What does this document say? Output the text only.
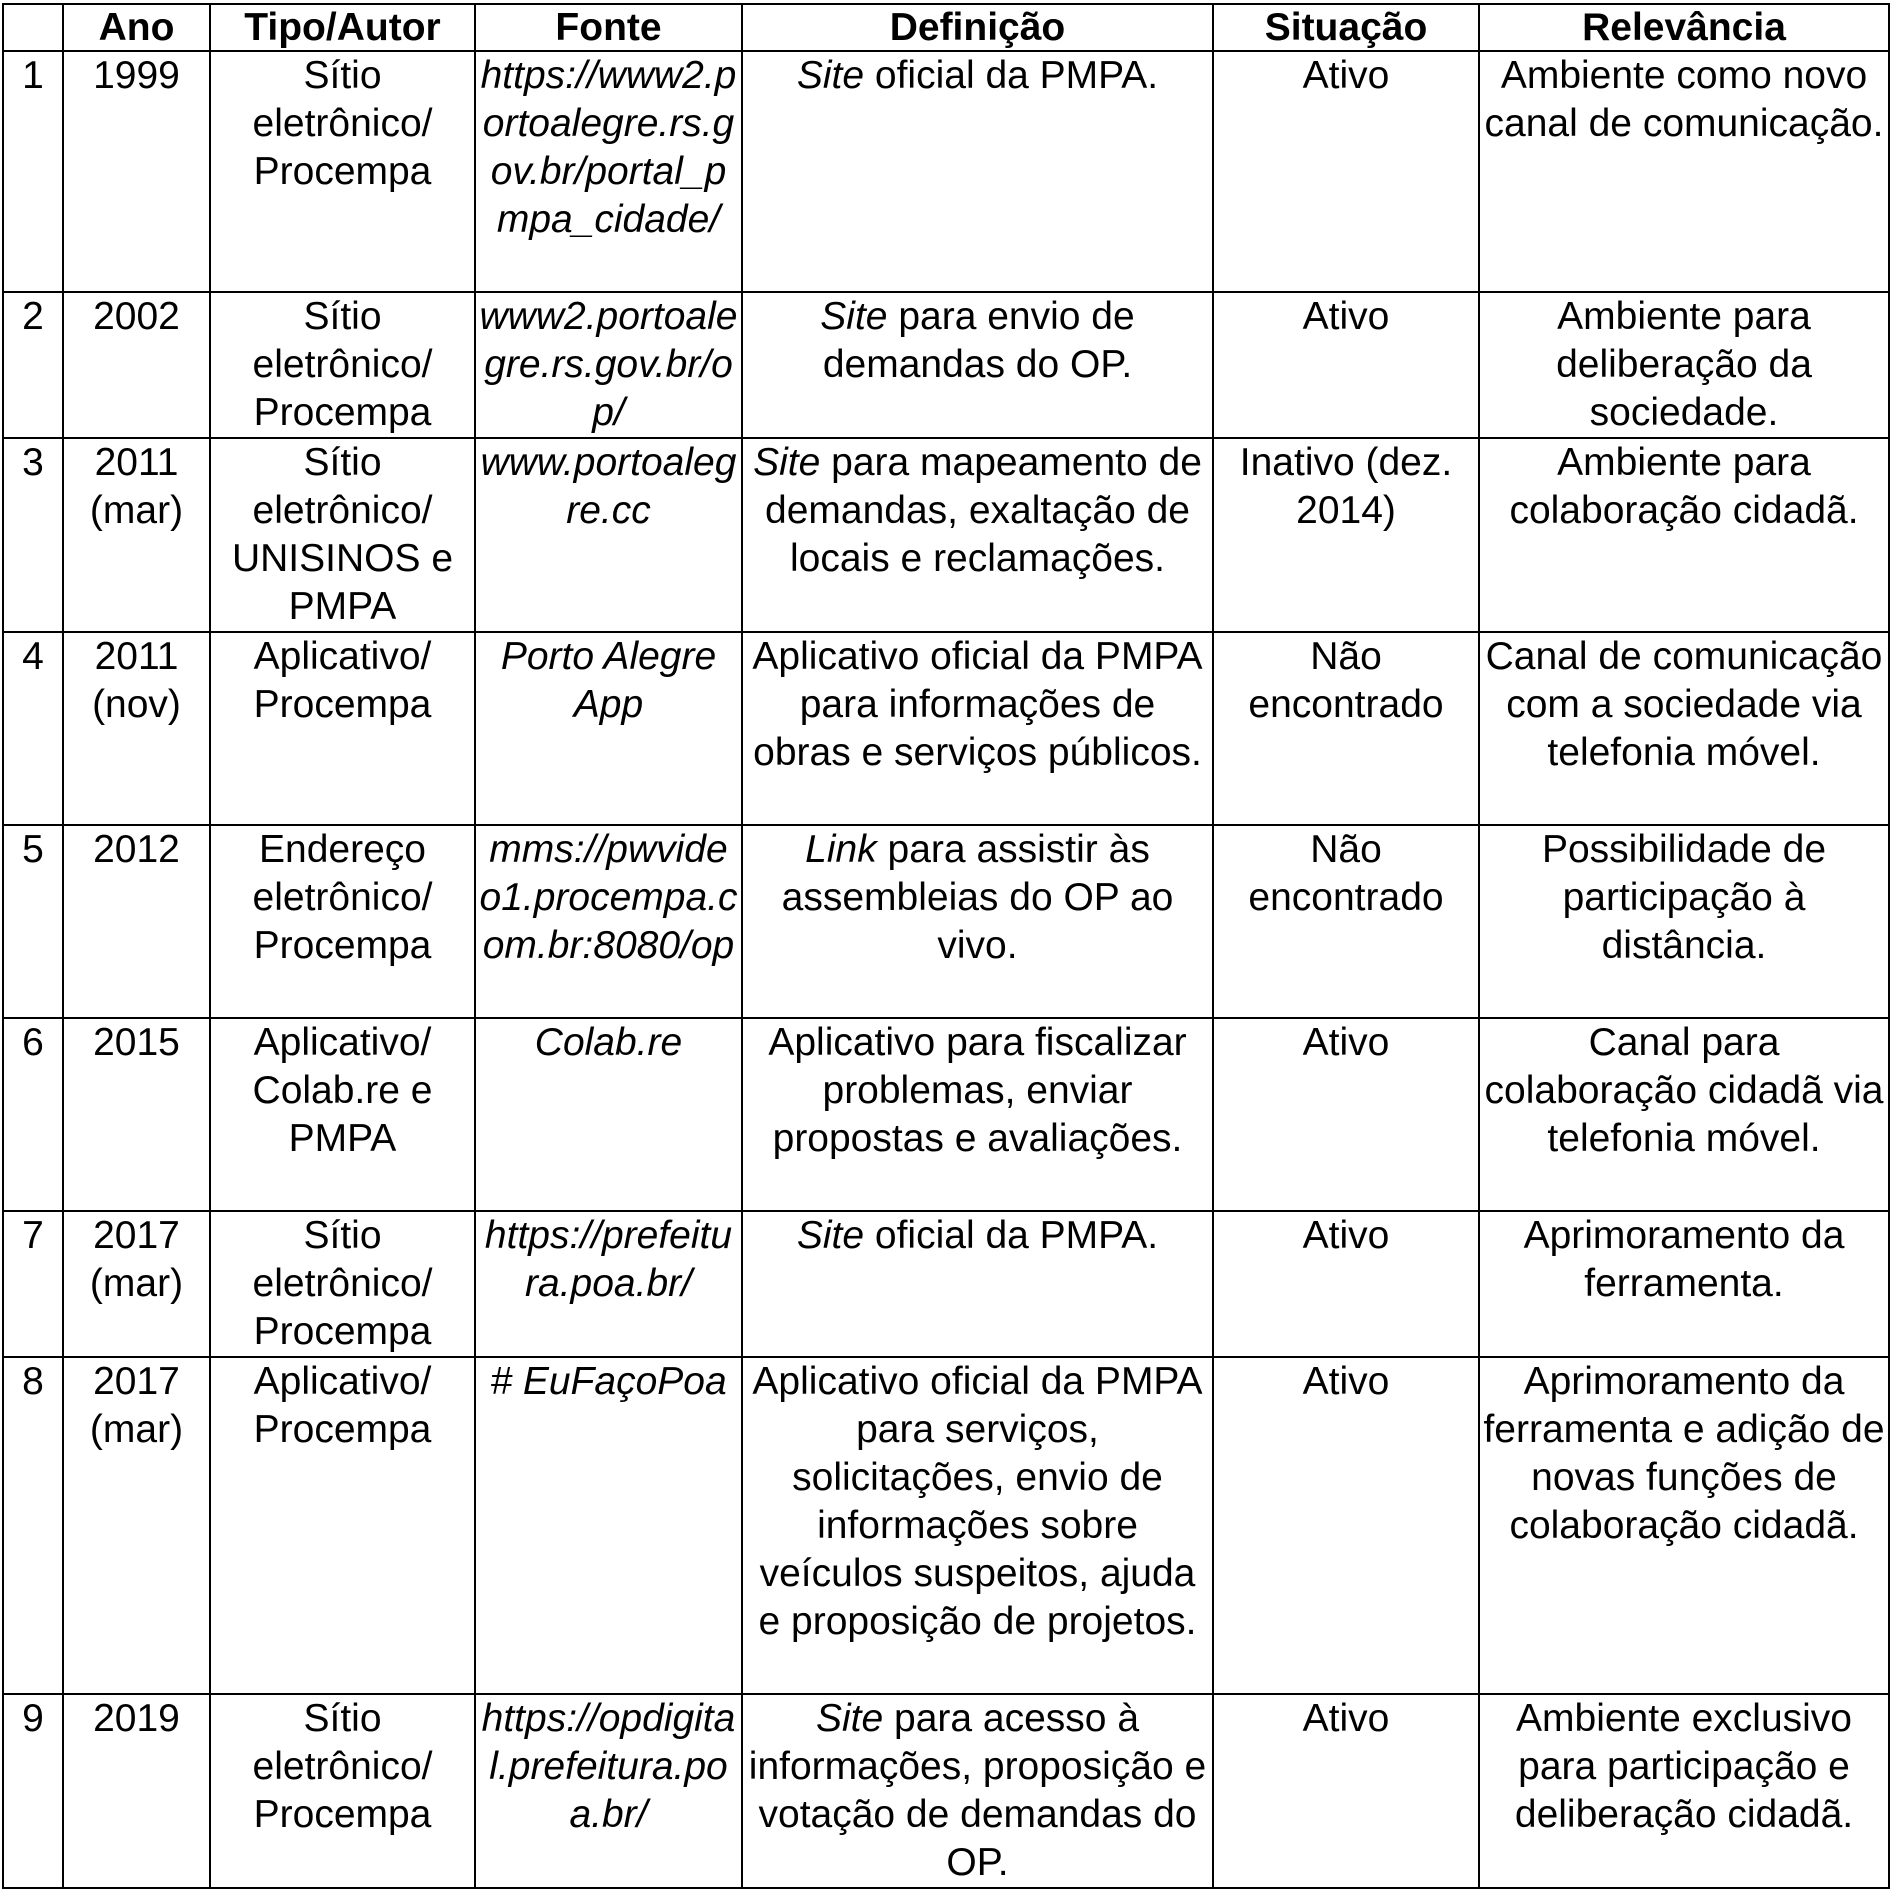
	Ano	Tipo/Autor	Fonte	Definição	Situação	Relevância
1	1999	Sítio eletrônico/ Procempa	https://www2.portoalegre.rs.gov.br/portal_pmpa_cidade/	Site oficial da PMPA.	Ativo	Ambiente como novo canal de comunicação.
2	2002	Sítio eletrônico/ Procempa	www2.portoalegre.rs.gov.br/op/	Site para envio de demandas do OP.	Ativo	Ambiente para deliberação da sociedade.
3	2011 (mar)	Sítio eletrônico/ UNISINOS e PMPA	www.portoalegre.cc	Site para mapeamento de demandas, exaltação de locais e reclamações.	Inativo (dez. 2014)	Ambiente para colaboração cidadã.
4	2011 (nov)	Aplicativo/ Procempa	Porto Alegre App	Aplicativo oficial da PMPA para informações de obras e serviços públicos.	Não encontrado	Canal de comunicação com a sociedade via telefonia móvel.
5	2012	Endereço eletrônico/ Procempa	mms://pwvideo1.procempa.com.br:8080/op	Link para assistir às assembleias do OP ao vivo.	Não encontrado	Possibilidade de participação à distância.
6	2015	Aplicativo/ Colab.re e PMPA	Colab.re	Aplicativo para fiscalizar problemas, enviar propostas e avaliações.	Ativo	Canal para colaboração cidadã via telefonia móvel.
7	2017 (mar)	Sítio eletrônico/ Procempa	https://prefeitura.poa.br/	Site oficial da PMPA.	Ativo	Aprimoramento da ferramenta.
8	2017 (mar)	Aplicativo/ Procempa	# EuFaçoPoa	Aplicativo oficial da PMPA para serviços, solicitações, envio de informações sobre veículos suspeitos, ajuda e proposição de projetos.	Ativo	Aprimoramento da ferramenta e adição de novas funções de colaboração cidadã.
9	2019	Sítio eletrônico/ Procempa	https://opdigital.prefeitura.poa.br/	Site para acesso à informações, proposição e votação de demandas do OP.	Ativo	Ambiente exclusivo para participação e deliberação cidadã.
